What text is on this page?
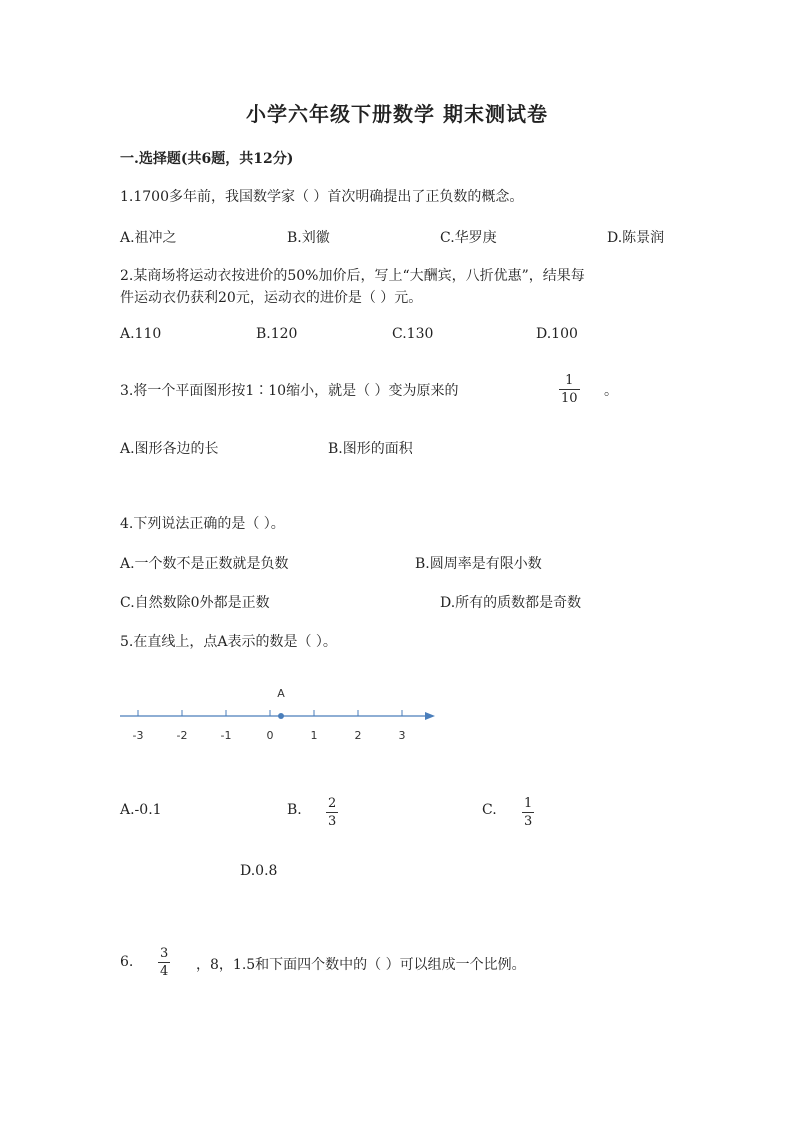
小学六年级下册数学 期末测试卷
一.选择题(共6题，共12分)
1.1700多年前，我国数学家（ ）首次明确提出了正负数的概念。
A.祖冲之	B.刘徽	C.华罗庚	D.陈景润
2.某商场将运动衣按进价的50%加价后，写上“大酬宾，八折优惠”，结果每
件运动衣仍获利20元，运动衣的进价是（ ）元。
A.110	B.120	C.130	D.100
3.将一个平面图形按1∶10缩小，就是（ ）变为原来的
1
10 。
A.图形各边的长	B.图形的面积
4.下列说法正确的是（ ）。
A.一个数不是正数就是负数	B.圆周率是有限小数
C.自然数除0外都是正数	D.所有的质数都是奇数
5.在直线上，点A表示的数是（ ）。
-3	-2	-1	0	1	2	3
A
A.-0.1	B. 2
3
C. 1
3
D.0.8
6.
3
4 ，8，1.5和下面四个数中的（ ）可以组成一个比例。
